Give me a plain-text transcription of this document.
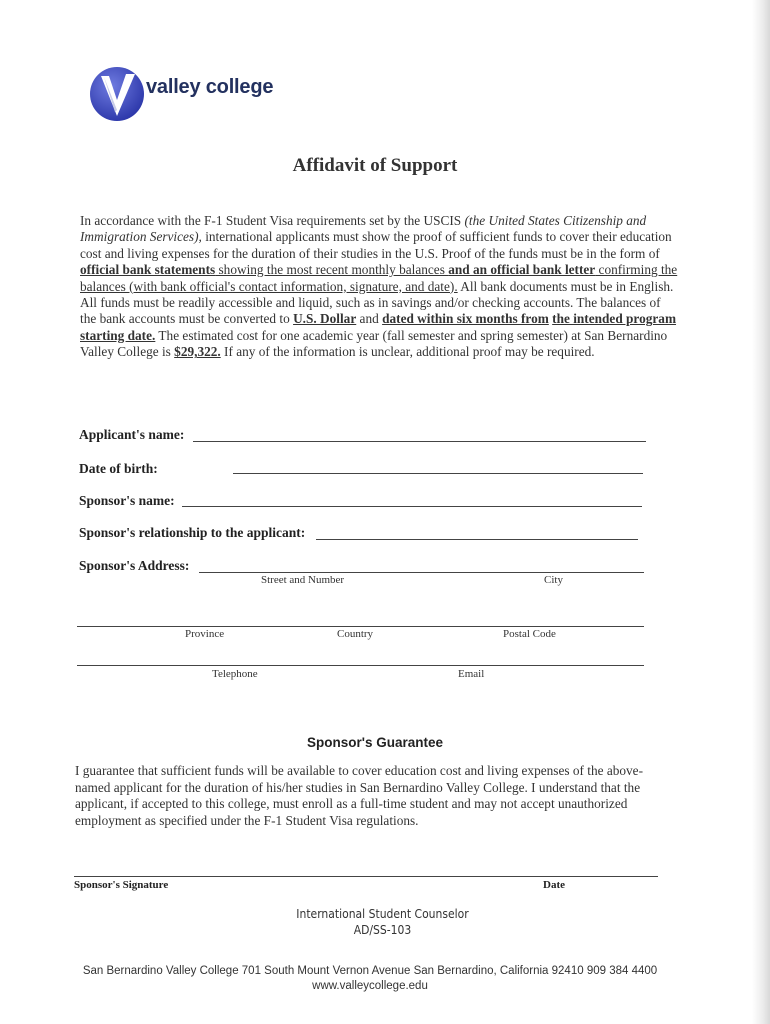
valley college
Affidavit of Support
In accordance with the F-1 Student Visa requirements set by the USCIS (the United States Citizenship and Immigration Services), international applicants must show the proof of sufficient funds to cover their education cost and living expenses for the duration of their studies in the U.S. Proof of the funds must be in the form of official bank statements showing the most recent monthly balances and an official bank letter confirming the balances (with bank official's contact information, signature, and date). All bank documents must be in English. All funds must be readily accessible and liquid, such as in savings and/or checking accounts. The balances of the bank accounts must be converted to U.S. Dollar and dated within six months from the intended program starting date. The estimated cost for one academic year (fall semester and spring semester) at San Bernardino Valley College is $29,322. If any of the information is unclear, additional proof may be required.
Applicant's name:
Date of birth:
Sponsor's name:
Sponsor's relationship to the applicant:
Sponsor's Address:
Street and Number	City
Province	Country	Postal Code
Telephone	Email
Sponsor's Guarantee
I guarantee that sufficient funds will be available to cover education cost and living expenses of the above-named applicant for the duration of his/her studies in San Bernardino Valley College. I understand that the applicant, if accepted to this college, must enroll as a full-time student and may not accept unauthorized employment as specified under the F-1 Student Visa regulations.
Sponsor's Signature	Date
International Student Counselor
AD/SS-103
San Bernardino Valley College 701 South Mount Vernon Avenue San Bernardino, California 92410 909 384 4400
www.valleycollege.edu
